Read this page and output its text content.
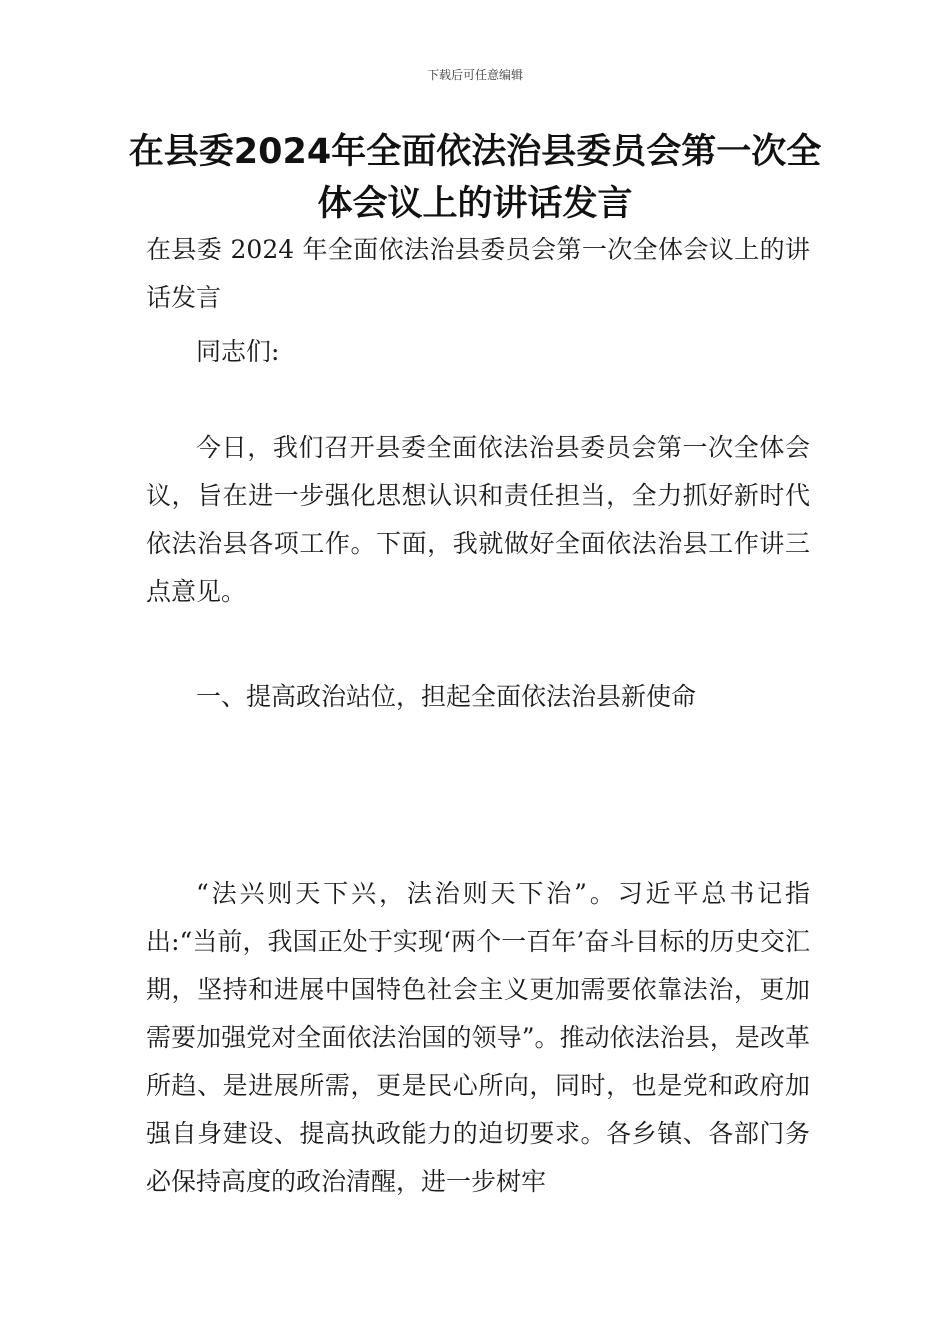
下载后可任意编辑
在县委2024年全面依法治县委员会第一次全体会议上的讲话发言

在县委 2024 年全面依法治县委员会第一次全体会议上的讲话发言

同志们:

今日，我们召开县委全面依法治县委员会第一次全体会议，旨在进一步强化思想认识和责任担当，全力抓好新时代依法治县各项工作。下面，我就做好全面依法治县工作讲三点意见。

一、提高政治站位，担起全面依法治县新使命

“法兴则天下兴，法治则天下治”。习近平总书记指出:“当前，我国正处于实现‘两个一百年’奋斗目标的历史交汇期，坚持和进展中国特色社会主义更加需要依靠法治，更加需要加强党对全面依法治国的领导”。推动依法治县，是改革所趋、是进展所需，更是民心所向，同时，也是党和政府加强自身建设、提高执政能力的迫切要求。各乡镇、各部门务必保持高度的政治清醒，进一步树牢
